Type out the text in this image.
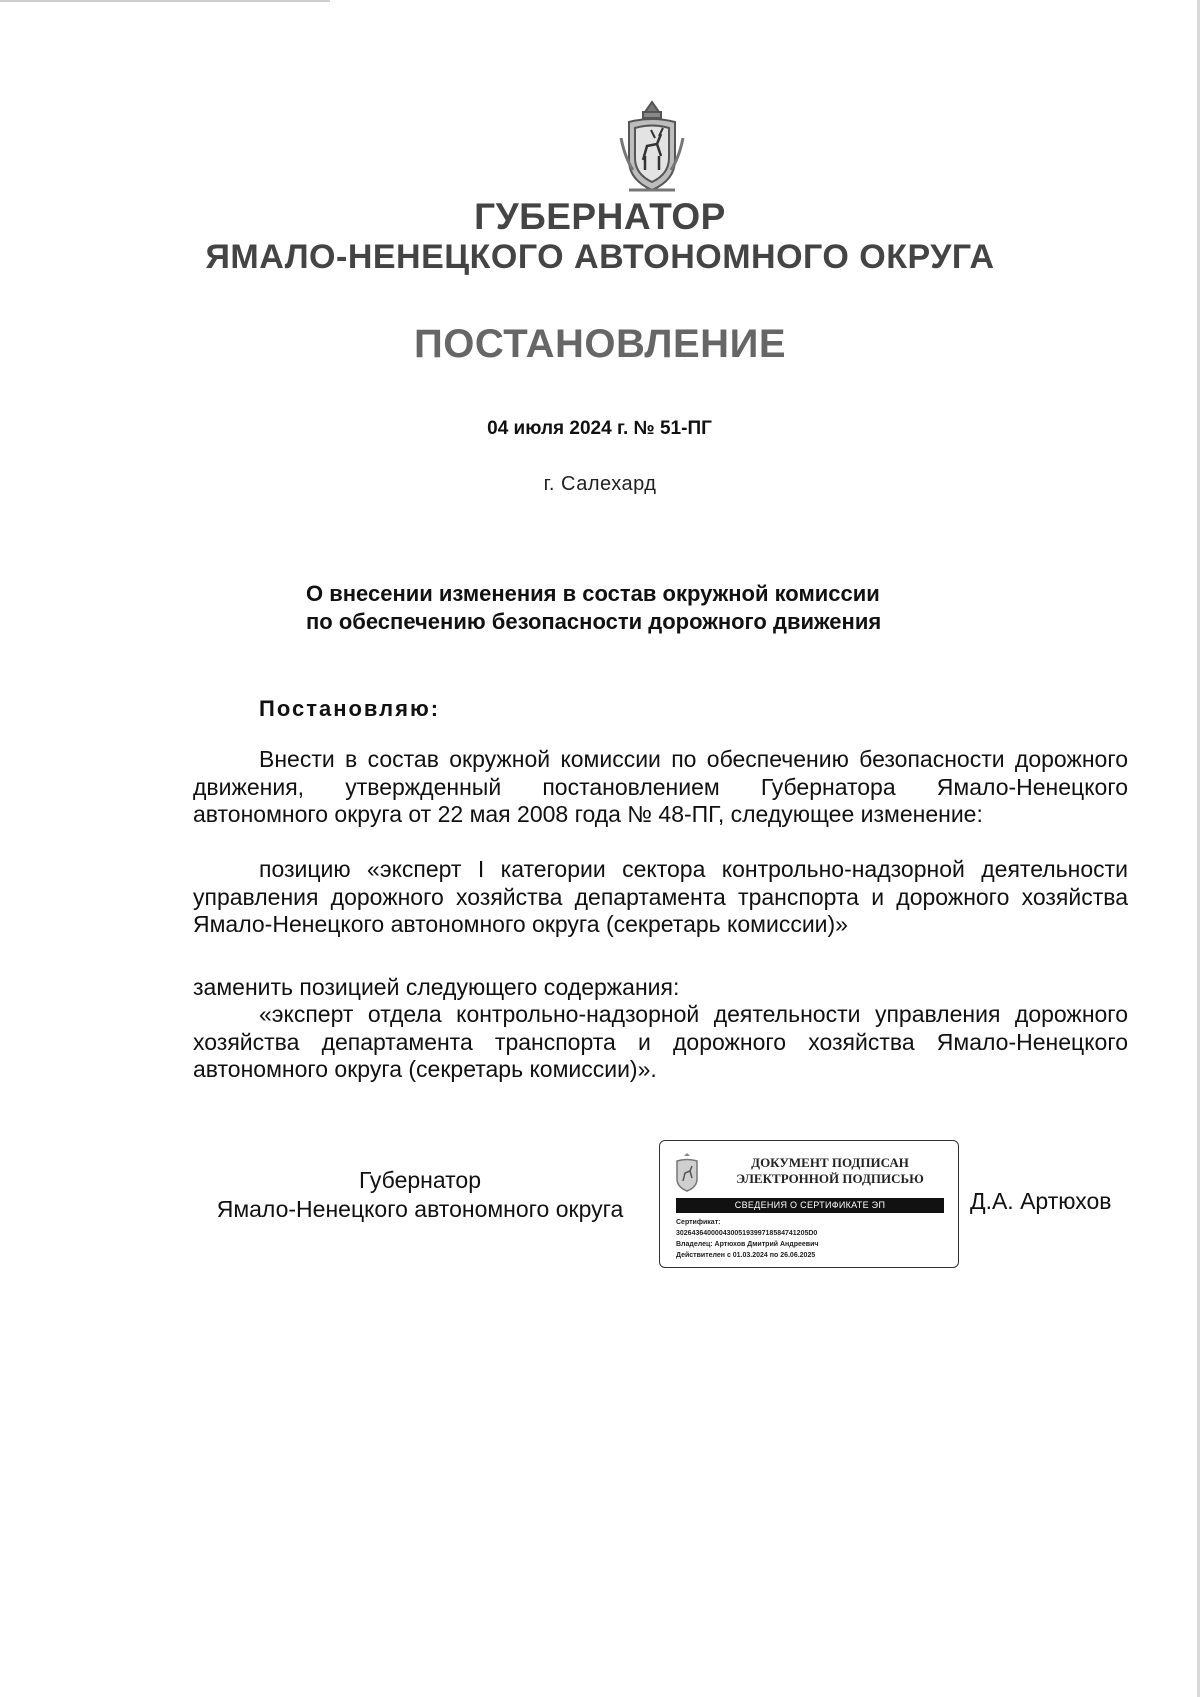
ГУБЕРНАТОР
ЯМАЛО-НЕНЕЦКОГО АВТОНОМНОГО ОКРУГА
ПОСТАНОВЛЕНИЕ
04 июля 2024 г. № 51-ПГ
г. Салехард
О внесении изменения в состав окружной комиссии
по обеспечению безопасности дорожного движения
Постановляю:
Внести в состав окружной комиссии по обеспечению безопасности дорожного движения, утвержденный постановлением Губернатора Ямало-Ненецкого автономного округа от 22 мая 2008 года № 48-ПГ, следующее изменение:
позицию «эксперт I категории сектора контрольно-надзорной деятельности управления дорожного хозяйства департамента транспорта и дорожного хозяйства Ямало-Ненецкого автономного округа (секретарь комиссии)»
заменить позицией следующего содержания:
«эксперт отдела контрольно-надзорной деятельности управления дорожного хозяйства департамента транспорта и дорожного хозяйства Ямало-Ненецкого автономного округа (секретарь комиссии)».
Губернатор
Ямало-Ненецкого автономного округа
ДОКУМЕНТ ПОДПИСАН
ЭЛЕКТРОННОЙ ПОДПИСЬЮ
СВЕДЕНИЯ О СЕРТИФИКАТЕ ЭП
Сертификат:
3026436400004300519399718584741205D0
Владелец: Артюхов Дмитрий Андреевич
Действителен с 01.03.2024 по 26.06.2025
Д.А. Артюхов
